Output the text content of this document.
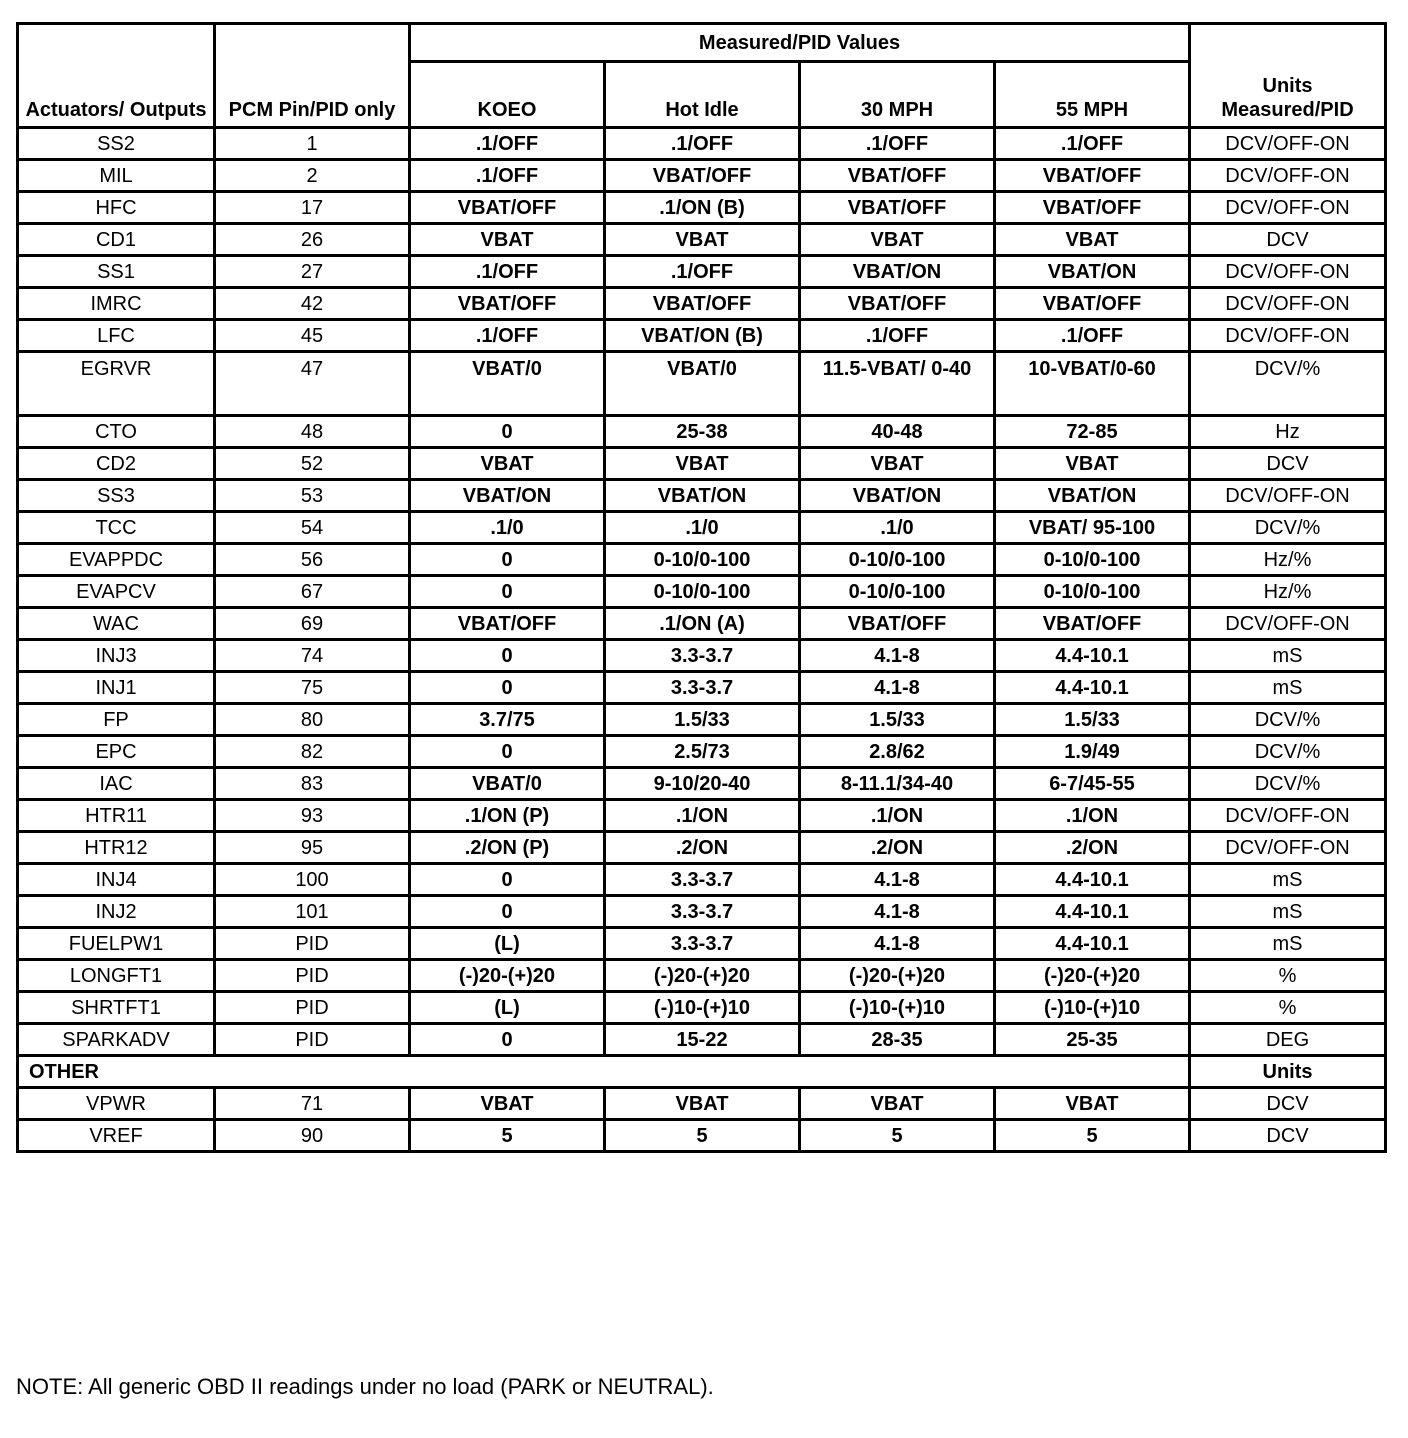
Actuators/ Outputs	PCM Pin/PID only	Measured/PID Values				Units Measured/PID
		KOEO	Hot Idle	30 MPH	55 MPH	
SS2	1	.1/OFF	.1/OFF	.1/OFF	.1/OFF	DCV/OFF-ON
MIL	2	.1/OFF	VBAT/OFF	VBAT/OFF	VBAT/OFF	DCV/OFF-ON
HFC	17	VBAT/OFF	.1/ON (B)	VBAT/OFF	VBAT/OFF	DCV/OFF-ON
CD1	26	VBAT	VBAT	VBAT	VBAT	DCV
SS1	27	.1/OFF	.1/OFF	VBAT/ON	VBAT/ON	DCV/OFF-ON
IMRC	42	VBAT/OFF	VBAT/OFF	VBAT/OFF	VBAT/OFF	DCV/OFF-ON
LFC	45	.1/OFF	VBAT/ON (B)	.1/OFF	.1/OFF	DCV/OFF-ON
EGRVR	47	VBAT/0	VBAT/0	11.5-VBAT/ 0-40	10-VBAT/0-60	DCV/%
CTO	48	0	25-38	40-48	72-85	Hz
CD2	52	VBAT	VBAT	VBAT	VBAT	DCV
SS3	53	VBAT/ON	VBAT/ON	VBAT/ON	VBAT/ON	DCV/OFF-ON
TCC	54	.1/0	.1/0	.1/0	VBAT/ 95-100	DCV/%
EVAPPDC	56	0	0-10/0-100	0-10/0-100	0-10/0-100	Hz/%
EVAPCV	67	0	0-10/0-100	0-10/0-100	0-10/0-100	Hz/%
WAC	69	VBAT/OFF	.1/ON (A)	VBAT/OFF	VBAT/OFF	DCV/OFF-ON
INJ3	74	0	3.3-3.7	4.1-8	4.4-10.1	mS
INJ1	75	0	3.3-3.7	4.1-8	4.4-10.1	mS
FP	80	3.7/75	1.5/33	1.5/33	1.5/33	DCV/%
EPC	82	0	2.5/73	2.8/62	1.9/49	DCV/%
IAC	83	VBAT/0	9-10/20-40	8-11.1/34-40	6-7/45-55	DCV/%
HTR11	93	.1/ON (P)	.1/ON	.1/ON	.1/ON	DCV/OFF-ON
HTR12	95	.2/ON (P)	.2/ON	.2/ON	.2/ON	DCV/OFF-ON
INJ4	100	0	3.3-3.7	4.1-8	4.4-10.1	mS
INJ2	101	0	3.3-3.7	4.1-8	4.4-10.1	mS
FUELPW1	PID	(L)	3.3-3.7	4.1-8	4.4-10.1	mS
LONGFT1	PID	(-)20-(+)20	(-)20-(+)20	(-)20-(+)20	(-)20-(+)20	%
SHRTFT1	PID	(L)	(-)10-(+)10	(-)10-(+)10	(-)10-(+)10	%
SPARKADV	PID	0	15-22	28-35	25-35	DEG
OTHER						Units
VPWR	71	VBAT	VBAT	VBAT	VBAT	DCV
VREF	90	5	5	5	5	DCV
NOTE: All generic OBD II readings under no load (PARK or NEUTRAL).
